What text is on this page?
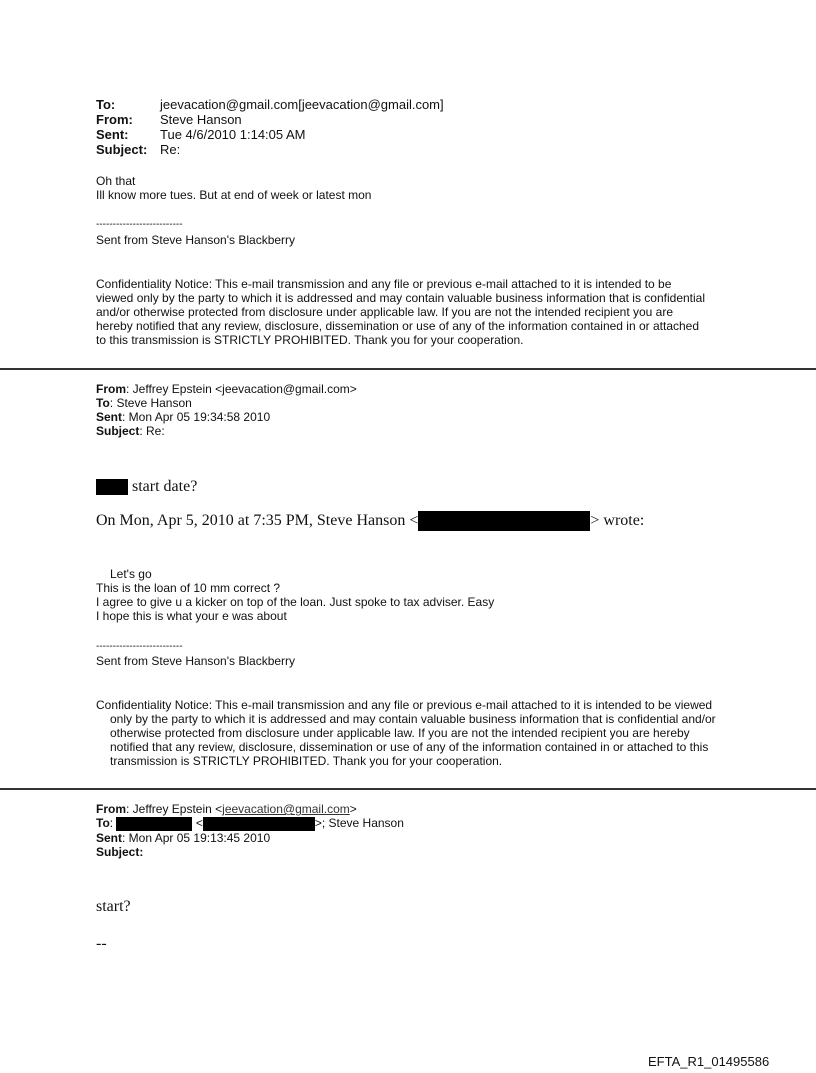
To:	jeevacation@gmail.com[jeevacation@gmail.com]
From:	Steve Hanson
Sent:	Tue 4/6/2010 1:14:05 AM
Subject: Re:
Oh that
Ill know more tues. But at end of week or latest mon
--------------------------
Sent from Steve Hanson's Blackberry
Confidentiality Notice: This e-mail transmission and any file or previous e-mail attached to it is intended to be viewed only by the party to which it is addressed and may contain valuable business information that is confidential and/or otherwise protected from disclosure under applicable law. If you are not the intended recipient you are hereby notified that any review, disclosure, dissemination or use of any of the information contained in or attached to this transmission is STRICTLY PROHIBITED. Thank you for your cooperation.
From: Jeffrey Epstein <jeevacation@gmail.com>
To: Steve Hanson
Sent: Mon Apr 05 19:34:58 2010
Subject: Re:
start date?
On Mon, Apr 5, 2010 at 7:35 PM, Steve Hanson <	> wrote:
Let's go
This is the loan of 10 mm correct ?
I agree to give u a kicker on top of the loan. Just spoke to tax adviser. Easy
I hope this is what your e was about
--------------------------
Sent from Steve Hanson's Blackberry
Confidentiality Notice: This e-mail transmission and any file or previous e-mail attached to it is intended to be viewed only by the party to which it is addressed and may contain valuable business information that is confidential and/or otherwise protected from disclosure under applicable law. If you are not the intended recipient you are hereby notified that any review, disclosure, dissemination or use of any of the information contained in or attached to this transmission is STRICTLY PROHIBITED. Thank you for your cooperation.
From: Jeffrey Epstein <jeevacation@gmail.com>
To:	<	>; Steve Hanson
Sent: Mon Apr 05 19:13:45 2010
Subject:
start?
--
EFTA_R1_01495586
